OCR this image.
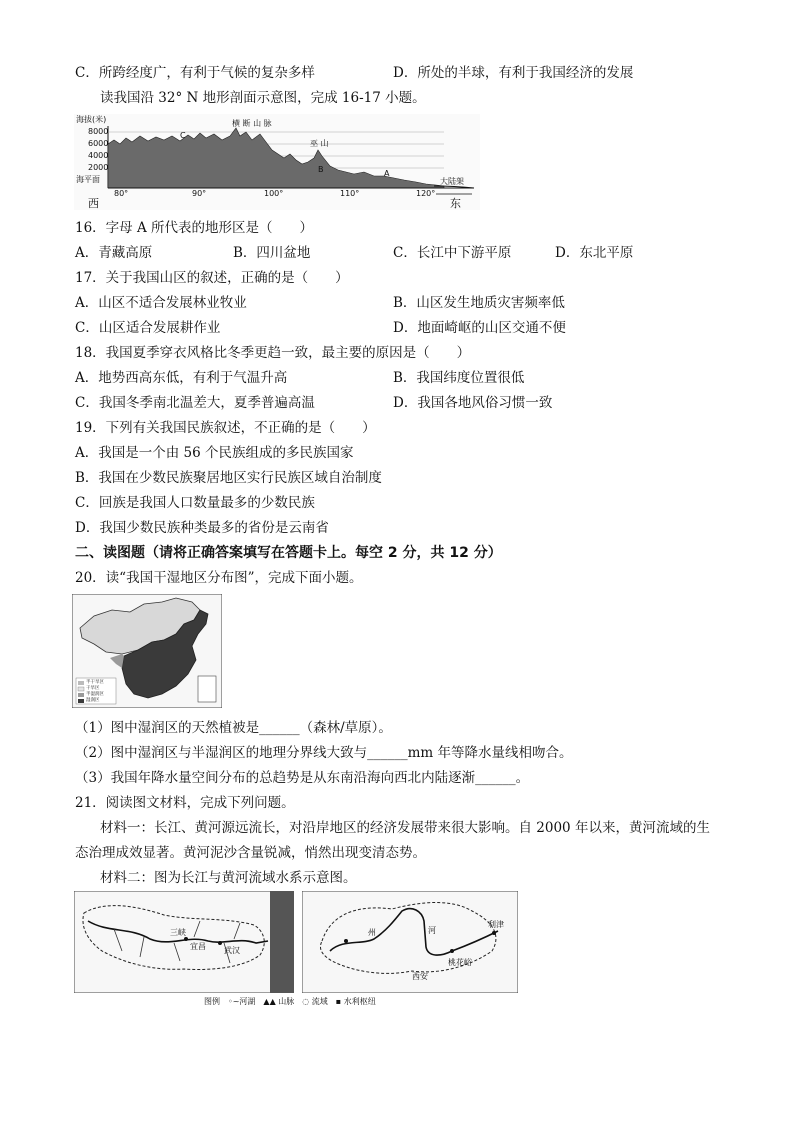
C．所跨经度广，有利于气候的复杂多样	D．所处的半球，有利于我国经济的发展
读我国沿 32° N 地形剖面示意图，完成 16-17 小题。
海拔(米)
8000
6000
4000
2000
海平面
C
横 断 山 脉
巫 山
B	A
大陆架
80°	90°	100°	110°	120°
西	东
16．字母 A 所代表的地形区是（　　）
A．青藏高原	B．四川盆地	C．长江中下游平原	D．东北平原
17．关于我国山区的叙述，正确的是（　　）
A．山区不适合发展林业牧业	B．山区发生地质灾害频率低
C．山区适合发展耕作业	D．地面崎岖的山区交通不便
18．我国夏季穿衣风格比冬季更趋一致，最主要的原因是（　　）
A．地势西高东低，有利于气温升高	B．我国纬度位置很低
C．我国冬季南北温差大，夏季普遍高温	D．我国各地风俗习惯一致
19．下列有关我国民族叙述，不正确的是（　　）
A．我国是一个由 56 个民族组成的多民族国家
B．我国在少数民族聚居地区实行民族区域自治制度
C．回族是我国人口数量最多的少数民族
D．我国少数民族种类最多的省份是云南省
二、读图题（请将正确答案填写在答题卡上。每空 2 分，共 12 分）
20．读“我国干湿地区分布图”，完成下面小题。
半干旱区
干旱区
半湿润区
湿润区
（1）图中湿润区的天然植被是______（森林/草原）。
（2）图中湿润区与半湿润区的地理分界线大致与______mm 年等降水量线相吻合。
（3）我国年降水量空间分布的总趋势是从东南沿海向西北内陆逐渐______。
21．阅读图文材料，完成下列问题。
材料一：长江、黄河源远流长，对沿岸地区的经济发展带来很大影响。自 2000 年以来，黄河流域的生
态治理成效显著。黄河泥沙含量锐减，悄然出现变清态势。
材料二：图为长江与黄河流域水系示意图。
三峡
宜昌 武汉
州	河
西安
桃花峪
利津
图例　◦~河湖　▲▲ 山脉　◌ 流域　▪ 水利枢纽
